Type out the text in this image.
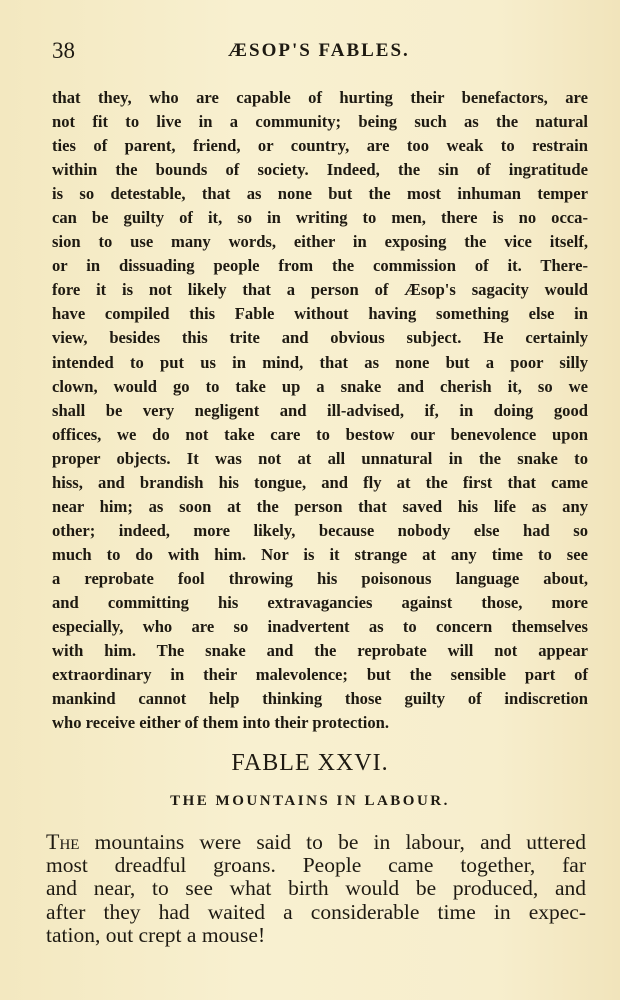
38	ÆSOP'S FABLES.
that they, who are capable of hurting their benefactors, are
not fit to live in a community; being such as the natural
ties of parent, friend, or country, are too weak to restrain
within the bounds of society. Indeed, the sin of ingratitude
is so detestable, that as none but the most inhuman temper
can be guilty of it, so in writing to men, there is no occa-
sion to use many words, either in exposing the vice itself,
or in dissuading people from the commission of it. There-
fore it is not likely that a person of Æsop's sagacity would
have compiled this Fable without having something else in
view, besides this trite and obvious subject. He certainly
intended to put us in mind, that as none but a poor silly
clown, would go to take up a snake and cherish it, so we
shall be very negligent and ill-advised, if, in doing good
offices, we do not take care to bestow our benevolence upon
proper objects. It was not at all unnatural in the snake to
hiss, and brandish his tongue, and fly at the first that came
near him; as soon at the person that saved his life as any
other; indeed, more likely, because nobody else had so
much to do with him. Nor is it strange at any time to see
a reprobate fool throwing his poisonous language about,
and committing his extravagancies against those, more
especially, who are so inadvertent as to concern themselves
with him. The snake and the reprobate will not appear
extraordinary in their malevolence; but the sensible part of
mankind cannot help thinking those guilty of indiscretion
who receive either of them into their protection.
FABLE XXVI.
THE MOUNTAINS IN LABOUR.
The mountains were said to be in labour, and uttered
most dreadful groans. People came together, far
and near, to see what birth would be produced, and
after they had waited a considerable time in expec-
tation, out crept a mouse!
